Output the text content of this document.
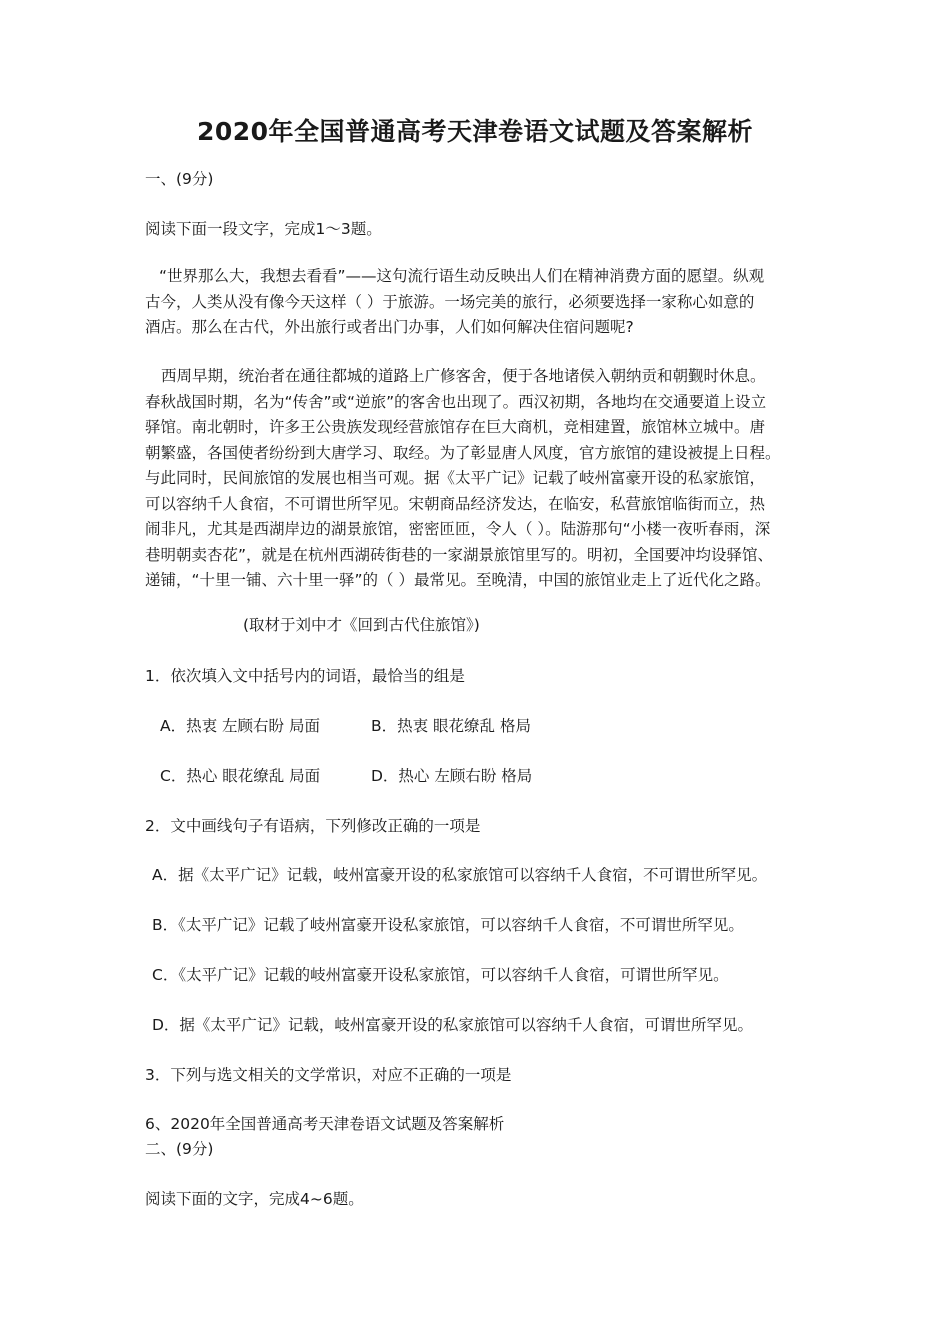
2020年全国普通高考天津卷语文试题及答案解析

一、(9分)

阅读下面一段文字，完成1～3题。

“世界那么大，我想去看看”——这句流行语生动反映出人们在精神消费方面的愿望。纵观
古今，人类从没有像今天这样（ ）于旅游。一场完美的旅行，必须要选择一家称心如意的
酒店。那么在古代，外出旅行或者出门办事，人们如何解决住宿问题呢?
西周早期，统治者在通往都城的道路上广修客舍，便于各地诸侯入朝纳贡和朝觐时休息。
春秋战国时期，名为“传舍”或“逆旅”的客舍也出现了。西汉初期，各地均在交通要道上设立
驿馆。南北朝时，许多王公贵族发现经营旅馆存在巨大商机，竞相建置，旅馆林立城中。唐
朝繁盛，各国使者纷纷到大唐学习、取经。为了彰显唐人风度，官方旅馆的建设被提上日程。
与此同时，民间旅馆的发展也相当可观。据《太平广记》记载了岐州富豪开设的私家旅馆，
可以容纳千人食宿，不可谓世所罕见。宋朝商品经济发达，在临安，私营旅馆临街而立，热
闹非凡，尤其是西湖岸边的湖景旅馆，密密匝匝，令人（ ）。陆游那句“小楼一夜听春雨，深
巷明朝卖杏花”，就是在杭州西湖砖街巷的一家湖景旅馆里写的。明初，全国要冲均设驿馆、
递铺，“十里一铺、六十里一驿”的（ ）最常见。至晚清，中国的旅馆业走上了近代化之路。

(取材于刘中才《回到古代住旅馆》)

1．依次填入文中括号内的词语，最恰当的组是

A．热衷 左顾右盼 局面	B．热衷 眼花缭乱 格局

C．热心 眼花缭乱 局面	D．热心 左顾右盼 格局

2．文中画线句子有语病，下列修改正确的一项是

A．据《太平广记》记载，岐州富豪开设的私家旅馆可以容纳千人食宿，不可谓世所罕见。

B．《太平广记》记载了岐州富豪开设私家旅馆，可以容纳千人食宿，不可谓世所罕见。

C．《太平广记》记载的岐州富豪开设私家旅馆，可以容纳千人食宿，可谓世所罕见。

D．据《太平广记》记载，岐州富豪开设的私家旅馆可以容纳千人食宿，可谓世所罕见。

3．下列与选文相关的文学常识，对应不正确的一项是

6、2020年全国普通高考天津卷语文试题及答案解析

二、(9分)

阅读下面的文字，完成4~6题。
